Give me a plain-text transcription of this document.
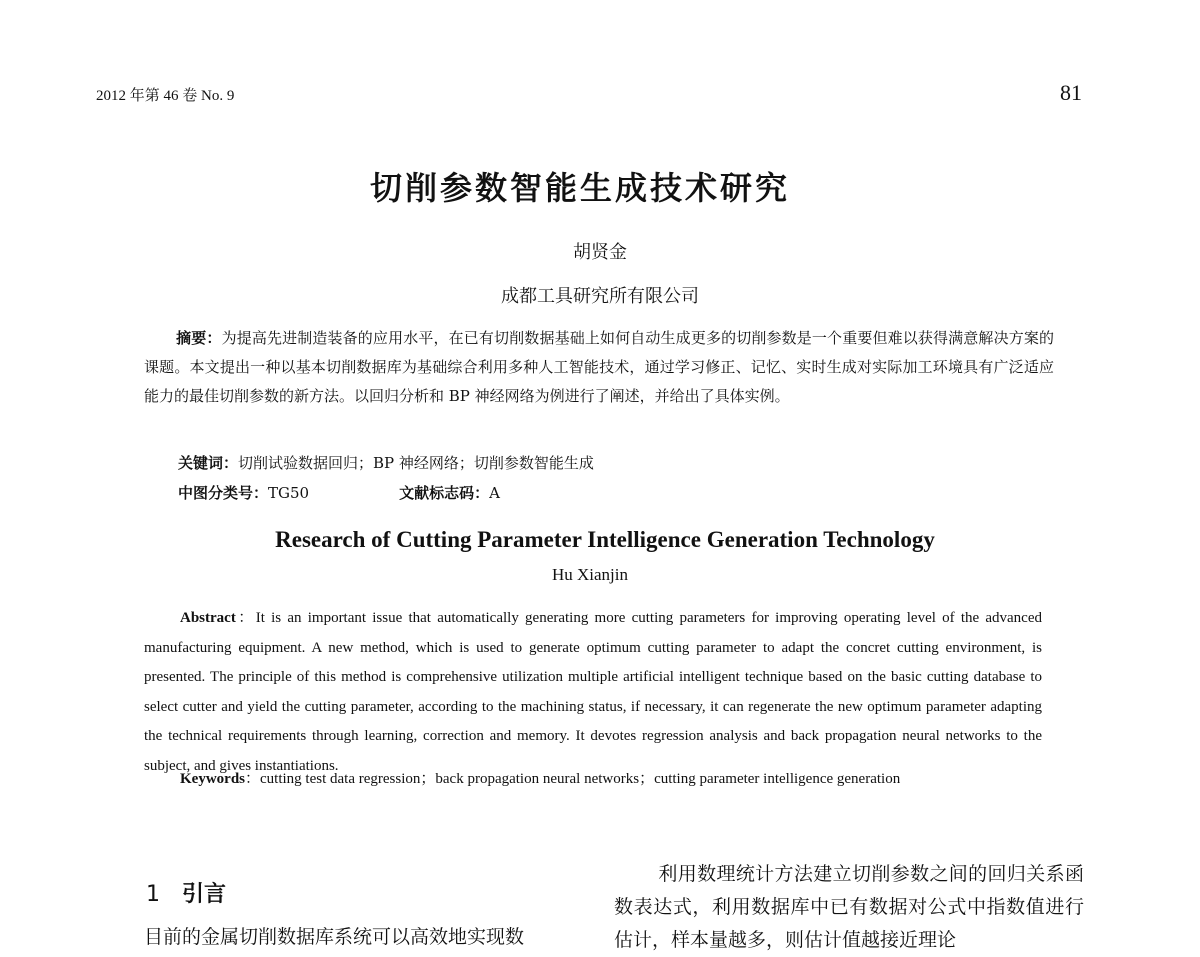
2012 年第 46 卷 No. 9	81
切削参数智能生成技术研究
胡贤金
成都工具研究所有限公司
摘要：为提高先进制造装备的应用水平，在已有切削数据基础上如何自动生成更多的切削参数是一个重要但难以获得满意解决方案的课题。本文提出一种以基本切削数据库为基础综合利用多种人工智能技术，通过学习修正、记忆、实时生成对实际加工环境具有广泛适应能力的最佳切削参数的新方法。以回归分析和 BP 神经网络为例进行了阐述，并给出了具体实例。
关键词：切削试验数据回归；BP 神经网络；切削参数智能生成
中图分类号：TG50	文献标志码：A
Research of Cutting Parameter Intelligence Generation Technology
Hu Xianjin
Abstract：It is an important issue that automatically generating more cutting parameters for improving operating level of the advanced manufacturing equipment. A new method, which is used to generate optimum cutting parameter to adapt the concret cutting environment, is presented. The principle of this method is comprehensive utilization multiple artificial intelligent technique based on the basic cutting database to select cutter and yield the cutting parameter, according to the machining status, if necessary, it can regenerate the new optimum parameter adapting the technical requirements through learning, correction and memory. It devotes regression analysis and back propagation neural networks to the subject, and gives instantiations.
Keywords：cutting test data regression；back propagation neural networks；cutting parameter intelligence generation
1 引言
目前的金属切削数据库系统可以高效地实现数
利用数理统计方法建立切削参数之间的回归关系函数表达式，利用数据库中已有数据对公式中指数值进行估计，样本量越多，则估计值越接近理论
